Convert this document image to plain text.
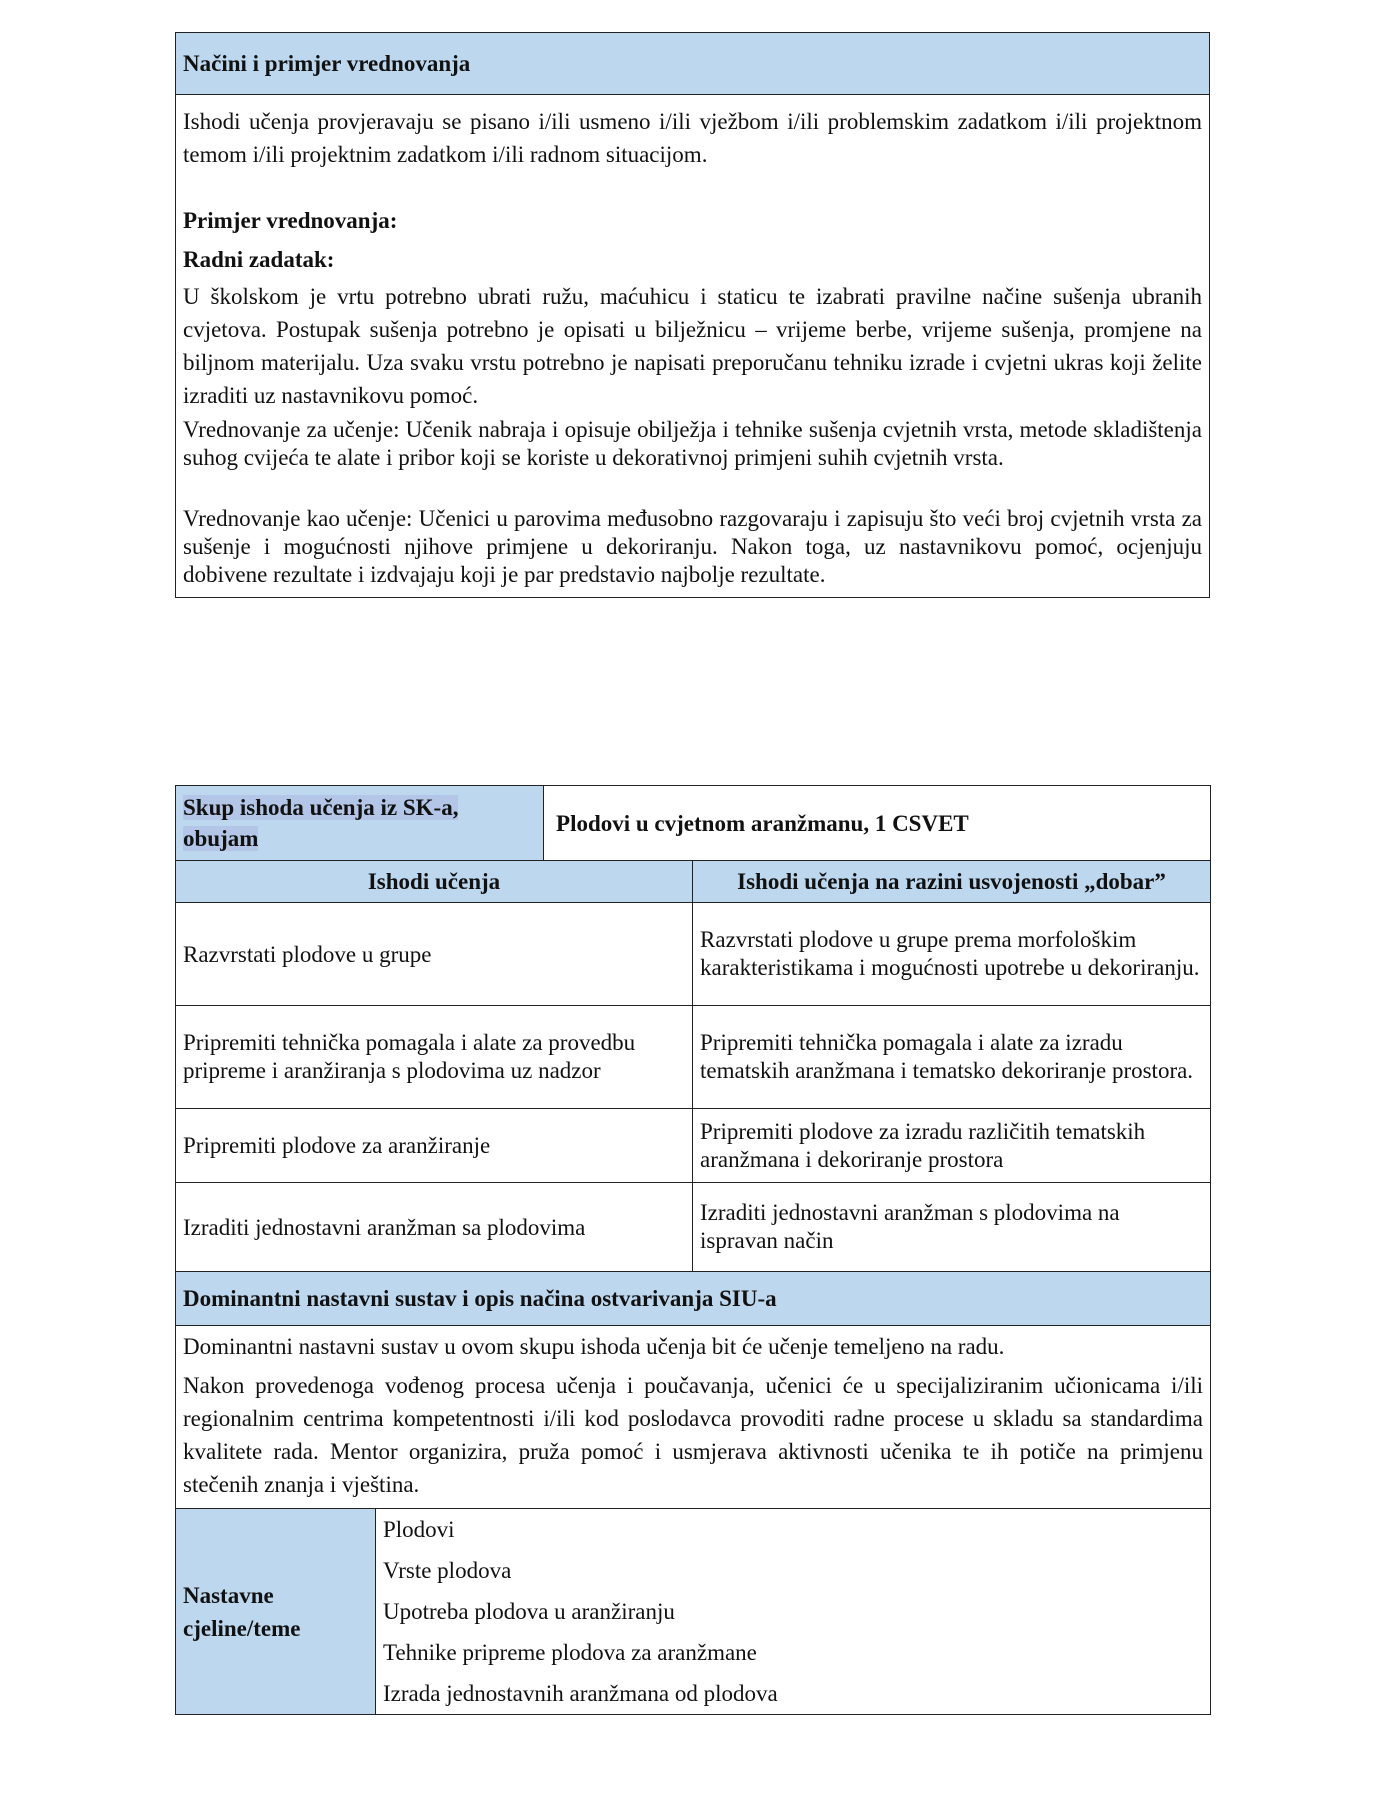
Načini i primjer vrednovanja

Ishodi učenja provjeravaju se pisano i/ili usmeno i/ili vježbom i/ili problemskim zadatkom i/ili projektnom temom i/ili projektnim zadatkom i/ili radnom situacijom.

Primjer vrednovanja:

Radni zadatak:

U školskom je vrtu potrebno ubrati ružu, maćuhicu i staticu te izabrati pravilne načine sušenja ubranih cvjetova. Postupak sušenja potrebno je opisati u bilježnicu – vrijeme berbe, vrijeme sušenja, promjene na biljnom materijalu. Uza svaku vrstu potrebno je napisati preporučanu tehniku izrade i cvjetni ukras koji želite izraditi uz nastavnikovu pomoć.

Vrednovanje za učenje: Učenik nabraja i opisuje obilježja i tehnike sušenja cvjetnih vrsta, metode skladištenja suhog cvijeća te alate i pribor koji se koriste u dekorativnoj primjeni suhih cvjetnih vrsta.

Vrednovanje kao učenje: Učenici u parovima međusobno razgovaraju i zapisuju što veći broj cvjetnih vrsta za sušenje i mogućnosti njihove primjene u dekoriranju. Nakon toga, uz nastavnikovu pomoć, ocjenjuju dobivene rezultate i izdvajaju koji je par predstavio najbolje rezultate.

Skup ishoda učenja iz SK-a,
obujam		Plodovi u cvjetnom aranžmanu, 1 CSVET	
Ishodi učenja			Ishodi učenja na razini usvojenosti „dobar”
Razvrstati plodove u grupe			Razvrstati plodove u grupe prema morfološkim karakteristikama i mogućnosti upotrebe u dekoriranju.
Pripremiti tehnička pomagala i alate za provedbu pripreme i aranžiranja s plodovima uz nadzor			Pripremiti tehnička pomagala i alate za izradu tematskih aranžmana i tematsko dekoriranje prostora.
Pripremiti plodove za aranžiranje			Pripremiti plodove za izradu različitih tematskih aranžmana i dekoriranje prostora
Izraditi jednostavni aranžman sa plodovima			Izraditi jednostavni aranžman s plodovima na ispravan način
Dominantni nastavni sustav i opis načina ostvarivanja SIU-a			

Dominantni nastavni sustav u ovom skupu ishoda učenja bit će učenje temeljeno na radu.

Nakon provedenoga vođenog procesa učenja i poučavanja, učenici će u specijaliziranim učionicama i/ili regionalnim centrima kompetentnosti i/ili kod poslodavca provoditi radne procese u skladu sa standardima kvalitete rada. Mentor organizira, pruža pomoć i usmjerava aktivnosti učenika te ih potiče na primjenu stečenih znanja i vještina.			

Nastavne cjeline/teme	Plodovi

Vrste plodova

Upotreba plodova u aranžiranju

Tehnike pripreme plodova za aranžmane

Izrada jednostavnih aranžmana od plodova		
